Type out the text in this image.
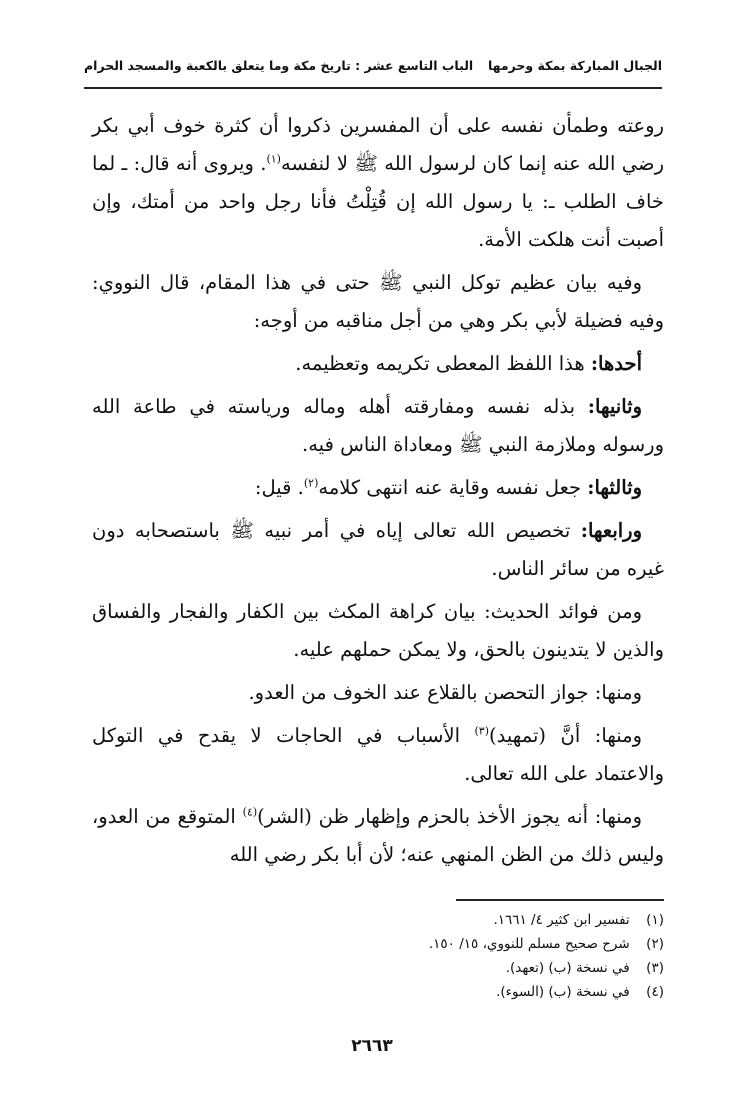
الجبال المباركة بمكة وحرمها
الباب التاسع عشر : تاريخ مكة وما يتعلق بالكعبة والمسجد الحرام

روعته وطمأن نفسه على أن المفسرين ذكروا أن كثرة خوف أبي بكر رضي الله عنه إنما كان لرسول الله ﷺ لا لنفسه$^{(١)}$. ويروى أنه قال: ـ لما خاف الطلب ـ: يا رسول الله إن قُتِلْتُ فأنا رجل واحد من أمتك، وإن أصبت أنت هلكت الأمة.

وفيه بيان عظيم توكل النبي ﷺ حتى في هذا المقام، قال النووي: وفيه فضيلة لأبي بكر وهي من أجل مناقبه من أوجه:

أحدها: هذا اللفظ المعطى تكريمه وتعظيمه.

وثانيها: بذله نفسه ومفارقته أهله وماله ورياسته في طاعة الله ورسوله وملازمة النبي ﷺ ومعاداة الناس فيه.

وثالثها: جعل نفسه وقاية عنه انتهى كلامه$^{(٢)}$. قيل:

ورابعها: تخصيص الله تعالى إياه في أمر نبيه ﷺ باستصحابه دون غيره من سائر الناس.

ومن فوائد الحديث: بيان كراهة المكث بين الكفار والفجار والفساق والذين لا يتدينون بالحق، ولا يمكن حملهم عليه.

ومنها: جواز التحصن بالقلاع عند الخوف من العدو.

ومنها: أنَّ (تمهيد)$^{(٣)}$ الأسباب في الحاجات لا يقدح في التوكل والاعتماد على الله تعالى.

ومنها: أنه يجوز الأخذ بالحزم وإظهار ظن (الشر)$^{(٤)}$ المتوقع من العدو، وليس ذلك من الظن المنهي عنه؛ لأن أبا بكر رضي الله

(١) تفسير ابن كثير ٤/ ١٦٦١.

(٢) شرح صحيح مسلم للنووي، ١٥/ ١٥٠.

(٣) في نسخة (ب) (تعهد).

(٤) في نسخة (ب) (السوء).

٢٦٦٣
